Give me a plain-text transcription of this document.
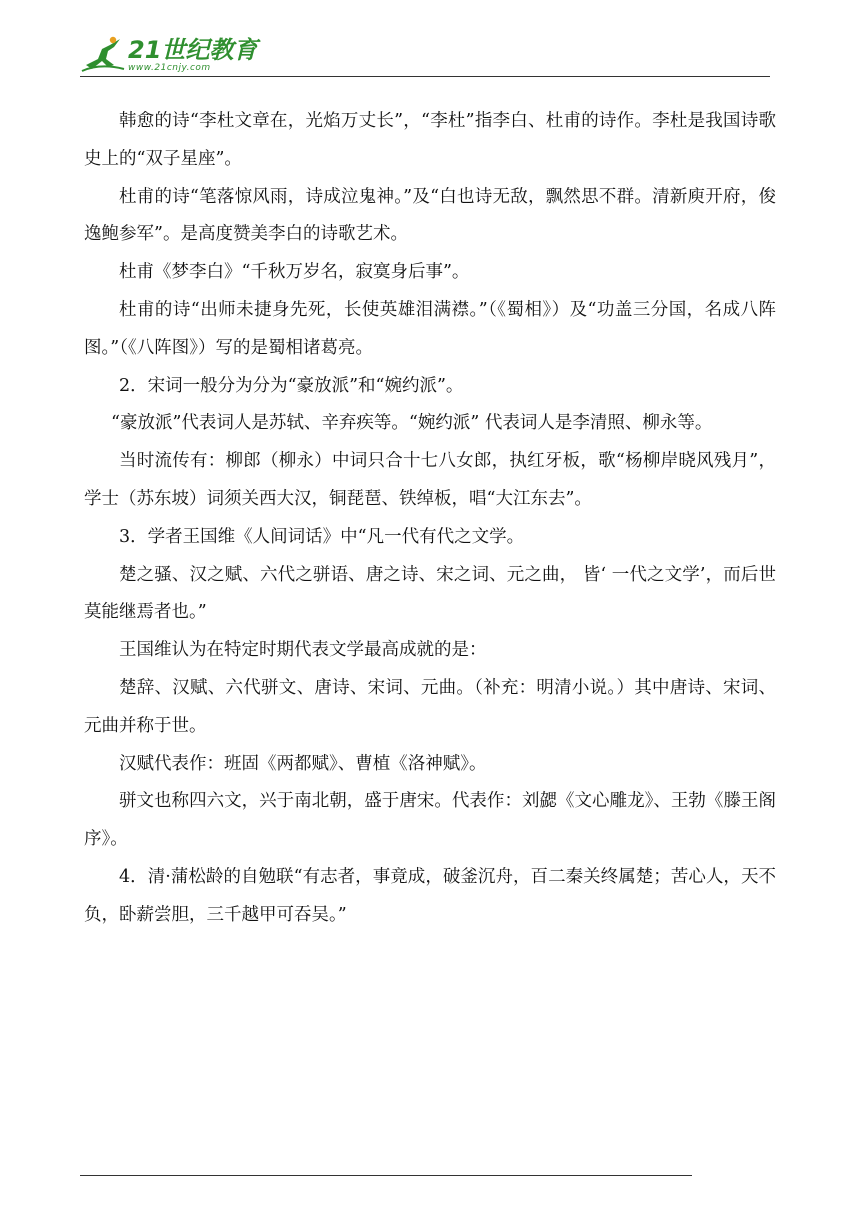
21世纪教育
www.21cnjy.com

韩愈的诗“李杜文章在，光焰万丈长”，“李杜”指李白、杜甫的诗作。李杜是我国诗歌史上的“双子星座”。

杜甫的诗“笔落惊风雨，诗成泣鬼神。”及“白也诗无敌，飘然思不群。清新庾开府，俊逸鲍参军”。是高度赞美李白的诗歌艺术。

杜甫《梦李白》“千秋万岁名，寂寞身后事”。

杜甫的诗“出师未捷身先死，长使英雄泪满襟。”（《蜀相》）及“功盖三分国，名成八阵图。”（《八阵图》）写的是蜀相诸葛亮。

2．宋词一般分为分为“豪放派”和“婉约派”。

“豪放派”代表词人是苏轼、辛弃疾等。“婉约派” 代表词人是李清照、柳永等。

当时流传有：柳郎（柳永）中词只合十七八女郎，执红牙板，歌“杨柳岸晓风残月”，学士（苏东坡）词须关西大汉，铜琵琶、铁绰板，唱“大江东去”。

3．学者王国维《人间词话》中“凡一代有代之文学。

楚之骚、汉之赋、六代之骈语、唐之诗、宋之词、元之曲， 皆‘ 一代之文学’，而后世莫能继焉者也。”

王国维认为在特定时期代表文学最高成就的是：

楚辞、汉赋、六代骈文、唐诗、宋词、元曲。（补充：明清小说。）其中唐诗、宋词、元曲并称于世。

汉赋代表作：班固《两都赋》、曹植《洛神赋》。

骈文也称四六文，兴于南北朝，盛于唐宋。代表作：刘勰《文心雕龙》、王勃《滕王阁序》。

4．清·蒲松龄的自勉联“有志者，事竟成，破釜沉舟，百二秦关终属楚；苦心人，天不负，卧薪尝胆，三千越甲可吞吴。”
